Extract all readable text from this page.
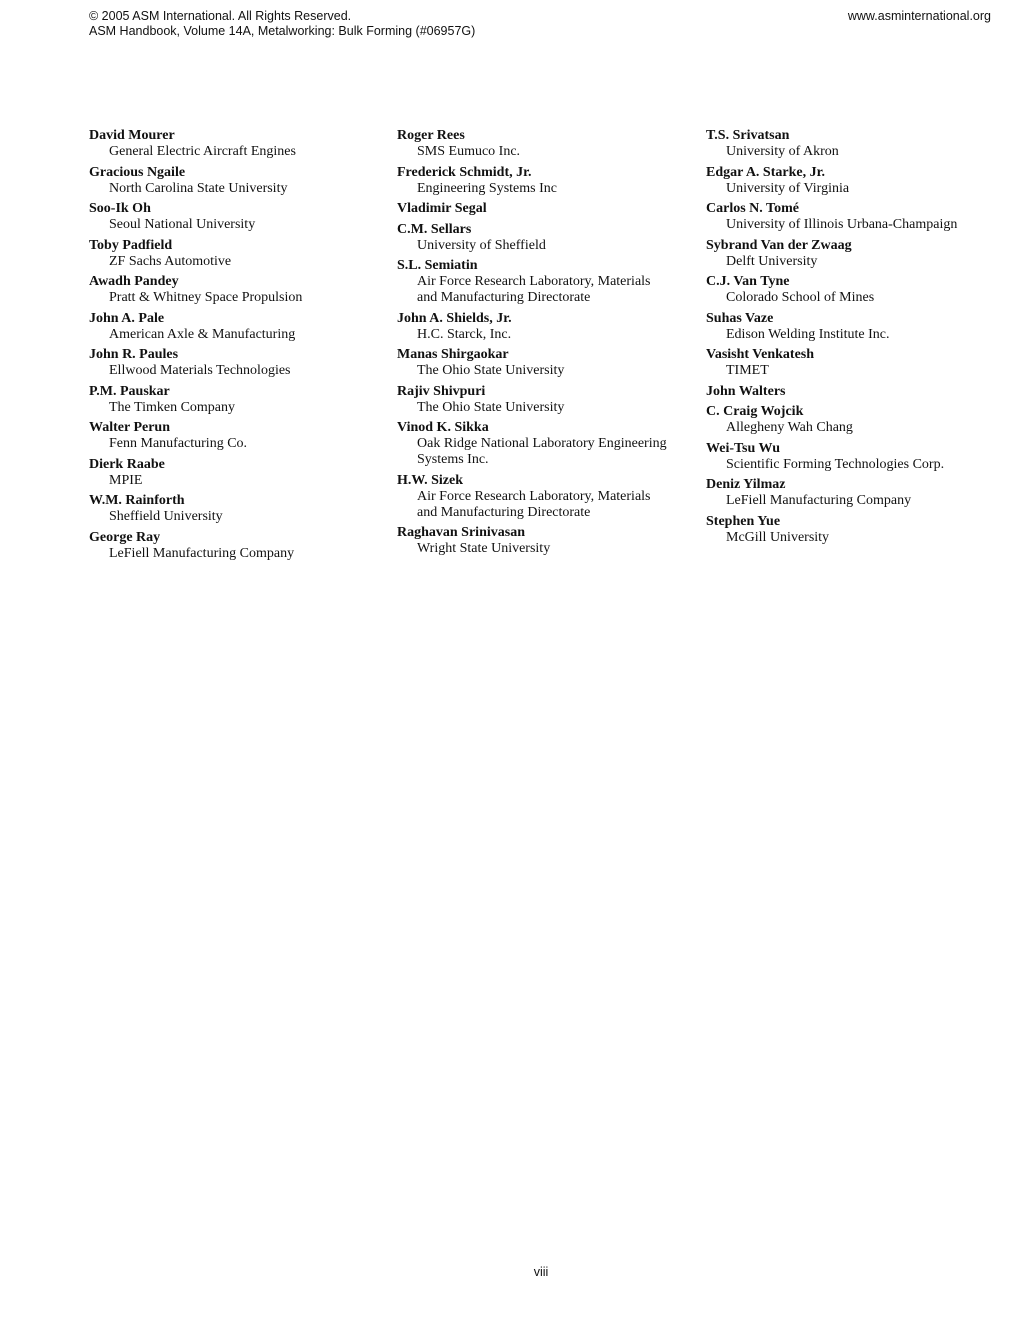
© 2005 ASM International. All Rights Reserved.
ASM Handbook, Volume 14A, Metalworking: Bulk Forming (#06957G)
www.asminternational.org
David Mourer
General Electric Aircraft Engines
Gracious Ngaile
North Carolina State University
Soo-Ik Oh
Seoul National University
Toby Padfield
ZF Sachs Automotive
Awadh Pandey
Pratt & Whitney Space Propulsion
John A. Pale
American Axle & Manufacturing
John R. Paules
Ellwood Materials Technologies
P.M. Pauskar
The Timken Company
Walter Perun
Fenn Manufacturing Co.
Dierk Raabe
MPIE
W.M. Rainforth
Sheffield University
George Ray
LeFiell Manufacturing Company
Roger Rees
SMS Eumuco Inc.
Frederick Schmidt, Jr.
Engineering Systems Inc
Vladimir Segal
C.M. Sellars
University of Sheffield
S.L. Semiatin
Air Force Research Laboratory, Materials
and Manufacturing Directorate
John A. Shields, Jr.
H.C. Starck, Inc.
Manas Shirgaokar
The Ohio State University
Rajiv Shivpuri
The Ohio State University
Vinod K. Sikka
Oak Ridge National Laboratory Engineering
Systems Inc.
H.W. Sizek
Air Force Research Laboratory, Materials
and Manufacturing Directorate
Raghavan Srinivasan
Wright State University
T.S. Srivatsan
University of Akron
Edgar A. Starke, Jr.
University of Virginia
Carlos N. Tomé
University of Illinois Urbana-Champaign
Sybrand Van der Zwaag
Delft University
C.J. Van Tyne
Colorado School of Mines
Suhas Vaze
Edison Welding Institute Inc.
Vasisht Venkatesh
TIMET
John Walters
C. Craig Wojcik
Allegheny Wah Chang
Wei-Tsu Wu
Scientific Forming Technologies Corp.
Deniz Yilmaz
LeFiell Manufacturing Company
Stephen Yue
McGill University
viii
